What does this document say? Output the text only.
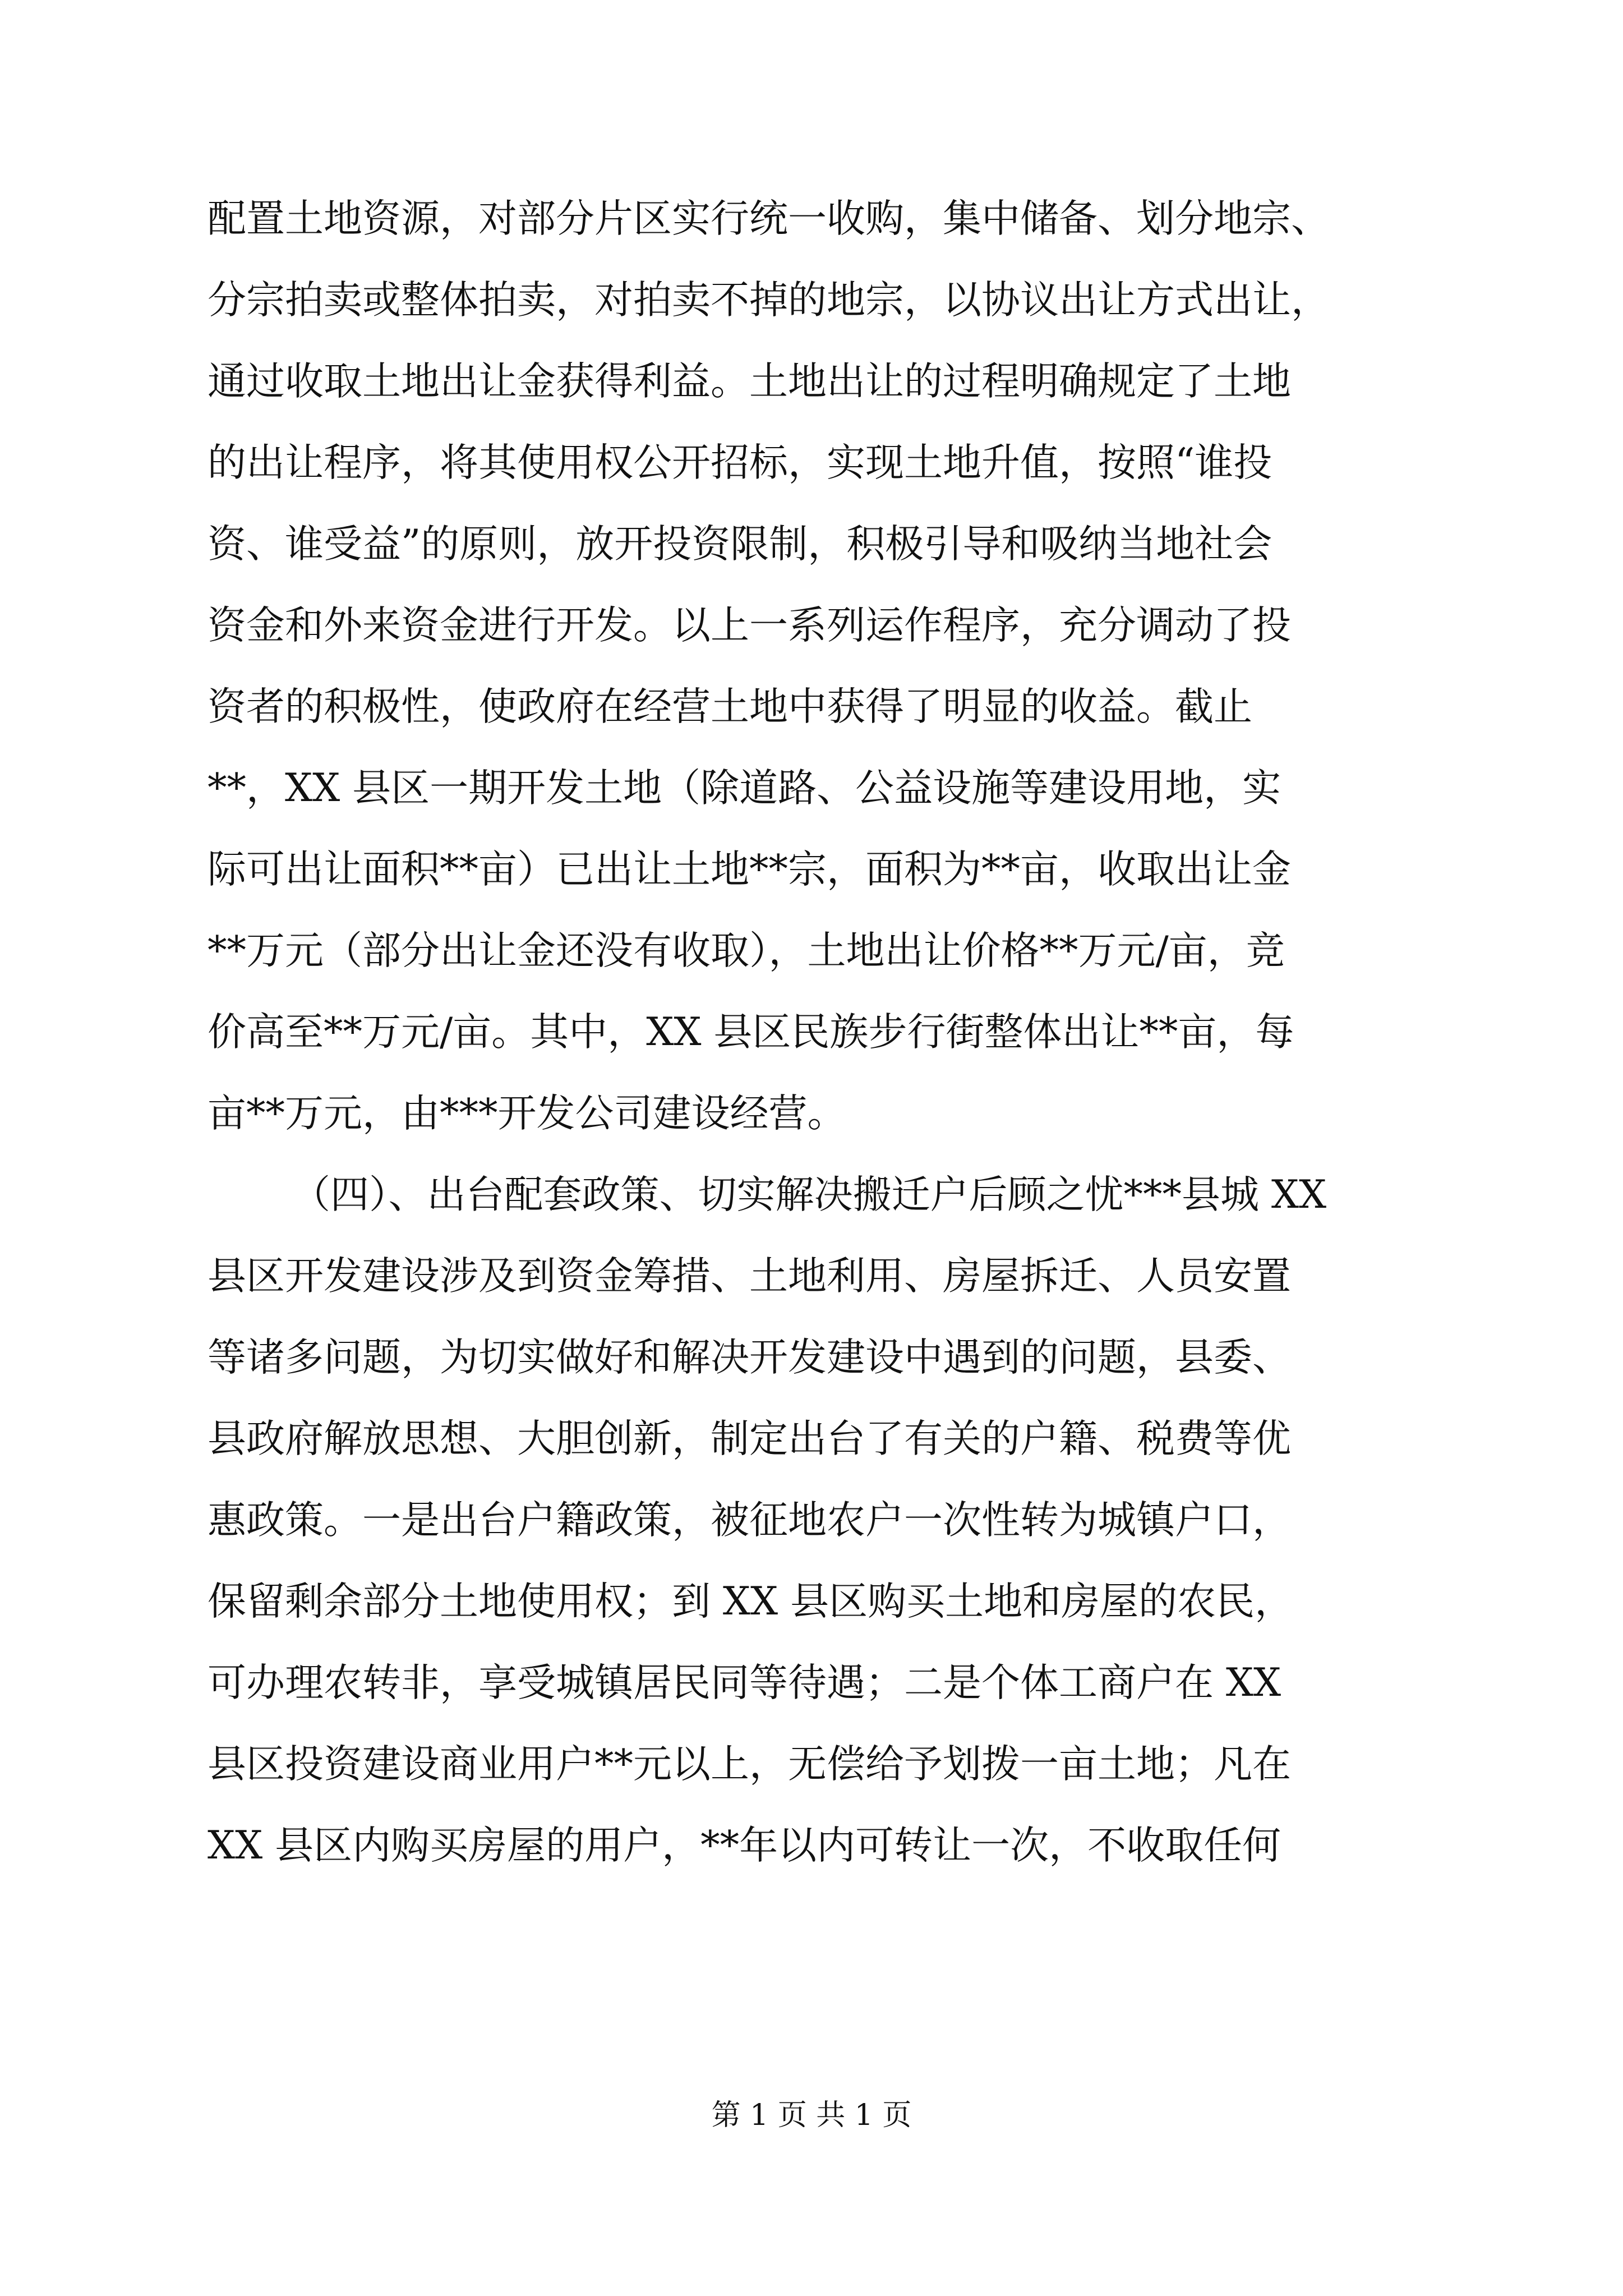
配置土地资源，对部分片区实行统一收购，集中储备、划分地宗、
分宗拍卖或整体拍卖，对拍卖不掉的地宗，以协议出让方式出让，
通过收取土地出让金获得利益。土地出让的过程明确规定了土地
的出让程序，将其使用权公开招标，实现土地升值，按照“谁投
资、谁受益”的原则，放开投资限制，积极引导和吸纳当地社会
资金和外来资金进行开发。以上一系列运作程序，充分调动了投
资者的积极性，使政府在经营土地中获得了明显的收益。截止
**，XX 县区一期开发土地（除道路、公益设施等建设用地，实
际可出让面积**亩）已出让土地**宗，面积为**亩，收取出让金
**万元（部分出让金还没有收取），土地出让价格**万元/亩，竞
价高至**万元/亩。其中，XX 县区民族步行街整体出让**亩，每
亩**万元，由***开发公司建设经营。
（四）、出台配套政策、切实解决搬迁户后顾之忧***县城 XX
县区开发建设涉及到资金筹措、土地利用、房屋拆迁、人员安置
等诸多问题，为切实做好和解决开发建设中遇到的问题，县委、
县政府解放思想、大胆创新，制定出台了有关的户籍、税费等优
惠政策。一是出台户籍政策，被征地农户一次性转为城镇户口，
保留剩余部分土地使用权；到 XX 县区购买土地和房屋的农民，
可办理农转非，享受城镇居民同等待遇；二是个体工商户在 XX
县区投资建设商业用户**元以上，无偿给予划拨一亩土地；凡在
XX 县区内购买房屋的用户，**年以内可转让一次，不收取任何
第 1 页 共 1 页
